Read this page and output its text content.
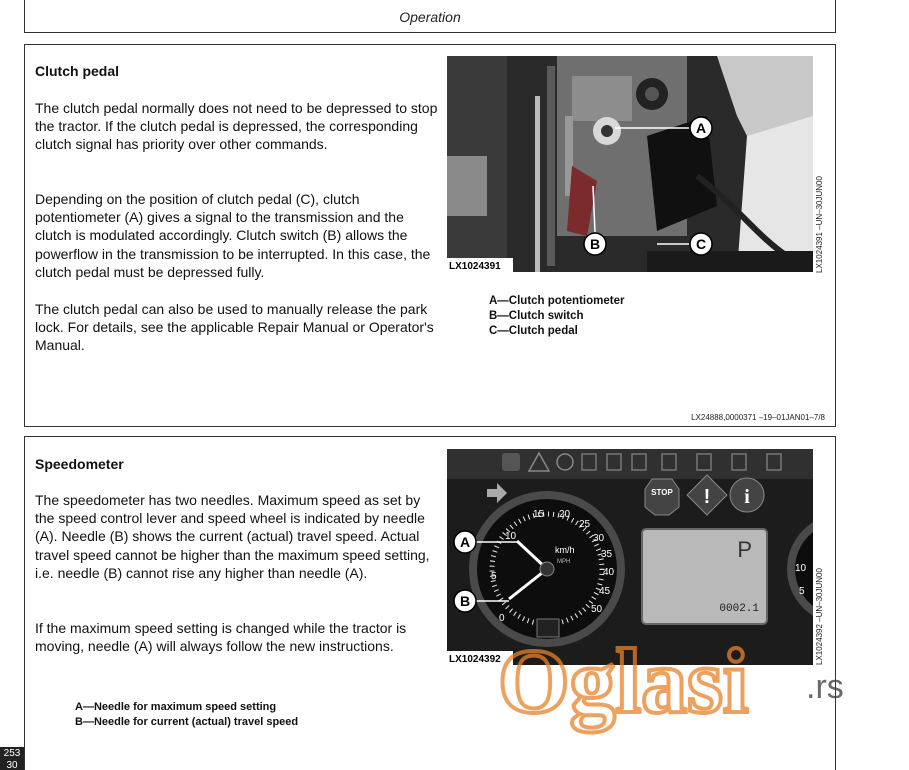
Operation
Clutch pedal
The clutch pedal normally does not need to be depressed to stop the tractor. If the clutch pedal is depressed, the corresponding clutch signal has priority over other commands.
Depending on the position of clutch pedal (C), clutch potentiometer (A) gives a signal to the transmission and the clutch is modulated accordingly. Clutch switch (B) allows the powerflow in the transmission to be interrupted. In this case, the clutch pedal must be depressed fully.
The clutch pedal can also be used to manually release the park lock. For details, see the applicable Repair Manual or Operator's Manual.
A
B	C
LX1024391	LX1024391 –UN–30JUN00
A—Clutch potentiometer
B—Clutch switch
C—Clutch pedal
LX24888,0000371 –19–01JAN01–7/8
Speedometer
The speedometer has two needles. Maximum speed as set by the speed control lever and speed wheel is indicated by needle (A). Needle (B) shows the current (actual) travel speed. Actual travel speed cannot be higher than the maximum speed setting, i.e. needle (B) cannot rise any higher than needle (A).
If the maximum speed setting is changed while the tractor is moving, needle (A) will always follow the new instructions.
0
5
10
15 20
25
30
35
40
45
50
km/h
MPH
A
B
STOP ! i
P
0002.1
10
5
LX1024392	LX1024392 –UN–30JUN00
A—Needle for maximum speed setting
B—Needle for current (actual) travel speed
253
30
Oglasi .rs
